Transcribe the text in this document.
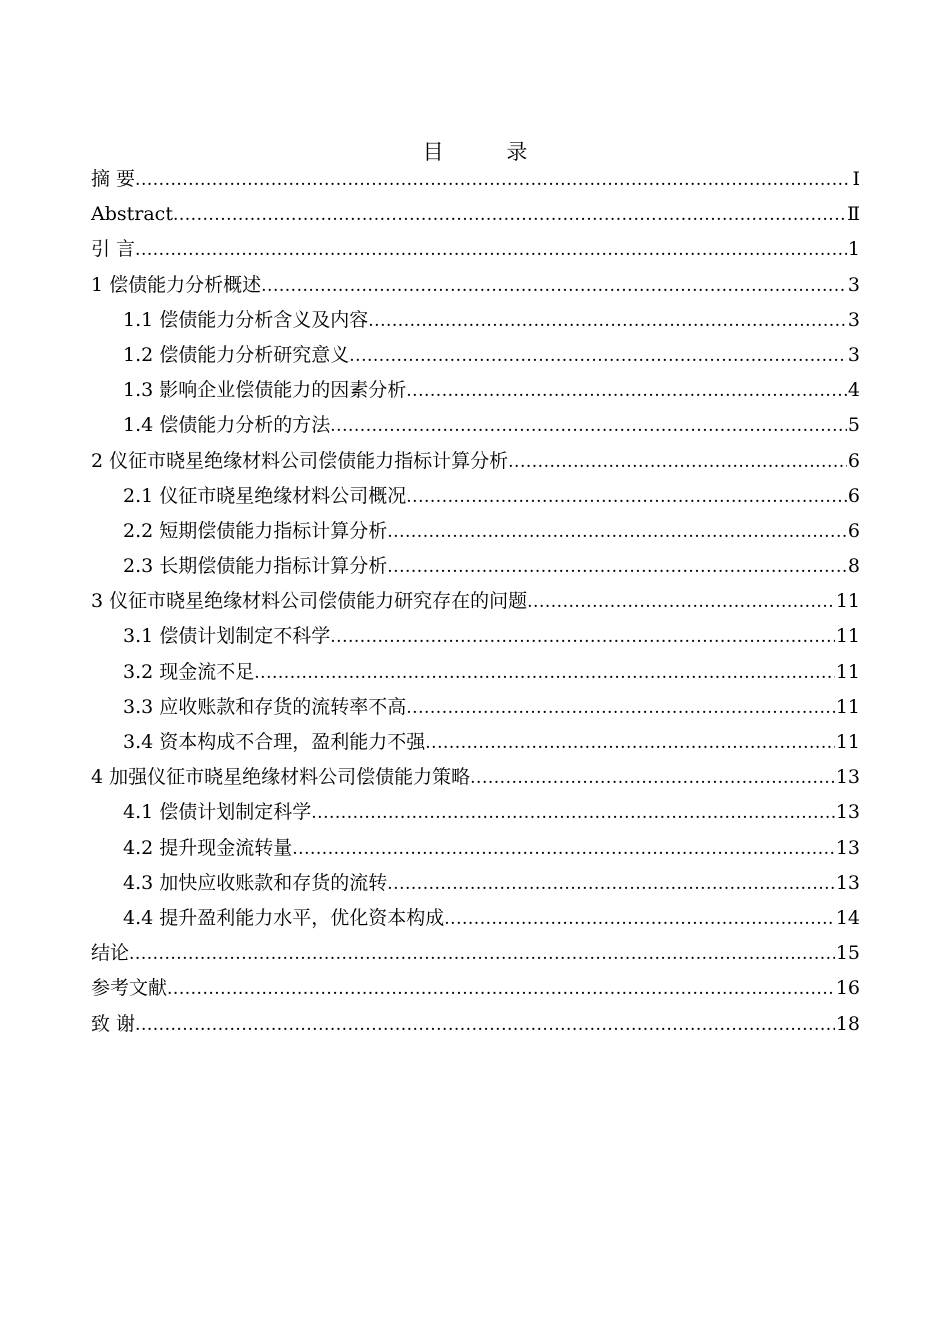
目 录
摘 要 .....	Ⅰ
Abstract .....	Ⅱ
引 言 .....	1
1 偿债能力分析概述 .....	3
1.1 偿债能力分析含义及内容 .....	3
1.2 偿债能力分析研究意义 .....	3
1.3 影响企业偿债能力的因素分析 .....	4
1.4 偿债能力分析的方法 .....	5
2 仪征市晓星绝缘材料公司偿债能力指标计算分析 .....	6
2.1 仪征市晓星绝缘材料公司概况 .....	6
2.2 短期偿债能力指标计算分析 .....	6
2.3 长期偿债能力指标计算分析 .....	8
3 仪征市晓星绝缘材料公司偿债能力研究存在的问题 .....	11
3.1 偿债计划制定不科学 .....	11
3.2 现金流不足 .....	11
3.3 应收账款和存货的流转率不高 .....	11
3.4 资本构成不合理，盈利能力不强 .....	11
4 加强仪征市晓星绝缘材料公司偿债能力策略 .....	13
4.1 偿债计划制定科学 .....	13
4.2 提升现金流转量 .....	13
4.3 加快应收账款和存货的流转 .....	13
4.4 提升盈利能力水平，优化资本构成 .....	14
结论 .....	15
参考文献 .....	16
致 谢 .....	18
